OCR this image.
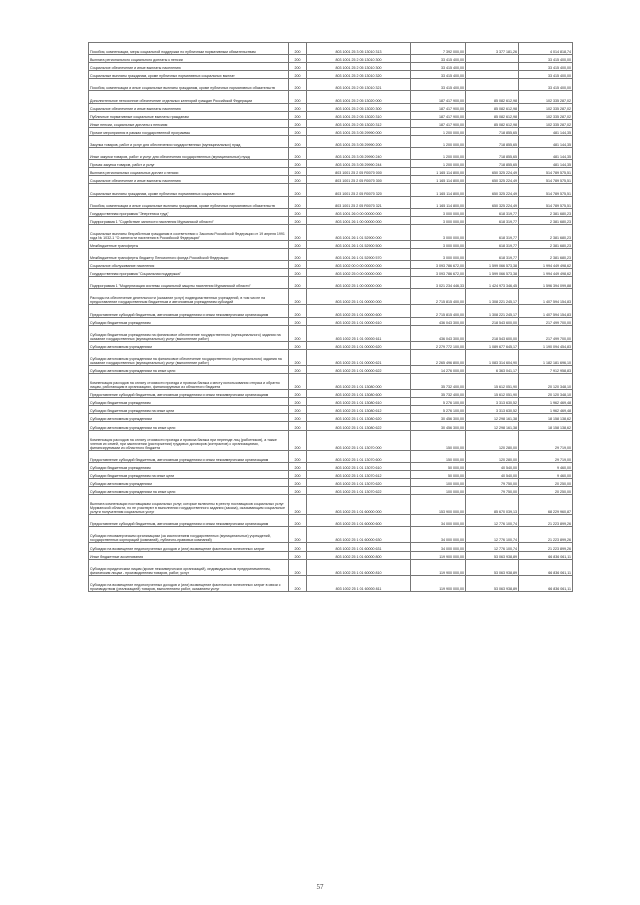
Пособия, компенсации, меры социальной поддержки по публичным нормативным обязательствам	200	803 1001 25 3 05 13010 313	7 392 000,00	3 377 181,26	4 014 818,74
Выплата регионального социального доплаты к пенсии	200	803 1001 25 2 05 13010 300	33 415 400,00		33 415 400,00
Социальное обеспечение и иные выплаты населению	200	803 1001 25 2 05 13010 300	33 415 400,00		33 415 400,00
Социальные выплаты гражданам, кроме публичных нормативных социальных выплат	200	803 1001 25 2 05 13010 320	33 415 400,00		33 415 400,00
Пособия, компенсации и иные социальные выплаты гражданам, кроме публичных нормативных обязательств	200	803 1001 25 2 05 13010 321	33 415 400,00		33 415 400,00
Дополнительное пенсионное обеспечение отдельных категорий граждан Российской Федерации	200	803 1001 25 2 05 13020 000	187 417 900,00	85 082 612,98	102 335 287,02
Социальное обеспечение и иные выплаты населению	200	803 1001 25 2 05 13020 300	187 417 900,00	85 082 612,98	102 335 287,02
Публичные нормативные социальные выплаты гражданам	200	803 1001 25 2 05 13020 310	187 417 900,00	85 082 612,98	102 335 287,02
Иные пенсии, социальные доплаты к пенсиям	200	803 1001 25 2 05 13020 312	187 417 900,00	85 082 612,98	102 335 287,02
Прочие мероприятия в рамках государственной программы	200	803 1001 25 3 05 29990 000	1 200 000,00	718 855,65	481 144,35
Закупка товаров, работ и услуг для обеспечения государственных (муниципальных) нужд	200	803 1001 25 3 05 29990 200	1 200 000,00	718 855,65	481 144,35
Иные закупки товаров, работ и услуг для обеспечения государственных (муниципальных) нужд	200	803 1001 25 3 05 29990 240	1 200 000,00	718 855,65	481 144,35
Прочая закупка товаров, работ и услуг	200	803 1001 25 3 05 29990 244	1 200 000,00	718 855,65	481 144,35
Выплата региональных социальных доплат к пенсии	200	803 1001 25 2 05 R0070 000	1 165 114 800,00	650 325 224,49	514 789 575,51
Социальное обеспечение и иные выплаты населению	200	803 1001 25 2 05 R0070 300	1 165 114 800,00	650 325 224,49	514 789 575,51
Социальные выплаты гражданам, кроме публичных нормативных социальных выплат	200	803 1001 25 2 05 R0070 320	1 165 114 800,00	650 325 224,49	514 789 575,51
Пособия, компенсации и иные социальные выплаты гражданам, кроме публичных нормативных обязательств	200	803 1001 25 2 05 R0070 321	1 165 114 800,00	650 325 224,49	514 789 575,51
Государственная программа "Энергетика труд"	200	803 1001 26 0 00 00000 000	3 000 000,00	618 319,77	2 381 680,23
Подпрограмма 1 "Содействие занятости населения Мурманской области"	200	803 1001 26 1 00 00000 000	3 000 000,00	618 319,77	2 381 680,23
Социальные выплаты безработным гражданам в соответствии с Законом Российской Федерации от 19 апреля 1991 года № 1032-1 "О занятости населения в Российской Федерации"	200	803 1001 26 1 01 52900 000	3 000 000,00	618 319,77	2 381 680,23
Межбюджетные трансферты	200	803 1001 26 1 01 52900 500	3 000 000,00	618 319,77	2 381 680,23
Межбюджетные трансферты бюджету Пенсионного фонда Российской Федерации	200	803 1001 26 1 01 52900 570	3 000 000,00	618 319,77	2 381 680,23
Социальное обслуживание населения	200	803 1002 00 0 00 00000 000	3 093 786 672,00	1 599 066 573,38	1 994 449 498,62
Государственная программа "Социальная поддержка"	200	803 1002 25 0 00 00000 000	3 093 786 672,00	1 599 066 573,38	1 994 449 498,62
Подпрограмма 1 "Модернизация системы социальной защиты населения Мурманской области"	200	803 1002 25 1 00 00000 000	3 021 234 446,33	1 424 973 346,45	1 596 394 099,88
Расходы на обеспечение деятельности (оказание услуг) подведомственных учреждений, в том числе на предоставление государственным бюджетным и автономным учреждениям субсидий	200	803 1002 25 1 01 00000 000	2 715 815 400,00	1 308 221 245,17	1 407 594 154,83
Предоставление субсидий бюджетным, автономным учреждениям и иным некоммерческим организациям	200	803 1002 25 1 01 00000 600	2 715 815 400,00	1 308 221 245,17	1 407 594 154,83
Субсидии бюджетным учреждениям	200	803 1002 25 1 01 00000 610	436 043 300,00	218 543 600,00	217 499 700,00
Субсидии бюджетным учреждениям на финансовое обеспечение государственного (муниципального) задания на оказание государственных (муниципальных) услуг (выполнение работ)	200	803 1002 25 1 01 00000 611	436 043 300,00	218 543 600,00	217 499 700,00
Субсидии автономным учреждениям	200	803 1002 25 1 01 00000 620	2 279 772 100,00	1 089 677 645,17	1 190 094 454,83
Субсидии автономным учреждениям на финансовое обеспечение государственного (муниципального) задания на оказание государственных (муниципальных) услуг (выполнение работ)	200	803 1002 25 1 01 00000 621	2 265 496 800,00	1 083 314 604,90	1 182 181 696,10
Субсидии автономным учреждениям на иные цели	200	803 1002 25 1 01 00000 622	14 276 000,00	6 363 041,17	7 912 958,83
Компенсация расходов на оплату стоимости проезда и провоза багажа к месту использования отпуска и обратно лицам, работающим в организациях, финансируемых из областного бюджета	200	803 1002 25 1 01 13080 000	35 732 400,00	15 612 051,90	20 120 348,10
Предоставление субсидий бюджетным, автономным учреждениям и иным некоммерческим организациям	200	803 1002 25 1 01 13080 600	35 732 400,00	15 612 051,90	20 120 348,10
Субсидии бюджетным учреждениям	200	803 1002 25 1 01 13080 610	5 276 100,00	3 313 630,52	1 962 469,48
Субсидии бюджетным учреждениям на иные цели	200	803 1002 25 1 01 13080 612	5 276 100,00	3 313 630,52	1 962 469,48
Субсидии автономным учреждениям	200	803 1002 25 1 01 13080 620	30 456 300,00	12 298 161,38	18 158 138,62
Субсидии автономным учреждениям на иные цели	200	803 1002 25 1 01 13080 622	30 456 300,00	12 298 161,38	18 158 138,62
Компенсация расходов на оплату стоимости проезда и провоза багажа при переезде лиц (работников), а также членов их семей, при заключении (расторжении) трудовых договоров (контрактов) с организациями, финансируемыми из областного бюджета	200	803 1002 25 1 01 13070 000	150 000,00	120 280,00	29 719,00
Предоставление субсидий бюджетным, автономным учреждениям и иным некоммерческим организациям	200	803 1002 25 1 01 13070 600	150 000,00	120 280,00	29 719,00
Субсидии бюджетным учреждениям	200	803 1002 25 1 01 13070 610	50 000,00	40 540,00	9 460,00
Субсидии бюджетным учреждениям на иные цели	200	803 1002 25 1 01 13070 612	50 000,00	40 540,00	9 460,00
Субсидии автономным учреждениям	200	803 1002 25 1 01 13070 620	100 000,00	79 750,00	20 250,00
Субсидии автономным учреждениям на иные цели	200	803 1002 25 1 01 13070 622	100 000,00	79 750,00	20 250,00
Выплата компенсации поставщикам социальных услуг, которые включены в реестр поставщиков социальных услуг Мурманской области, но не участвуют в выполнении государственного задания (заказа), оказывающим социальные услуги получателям социальных услуг	200	803 1002 25 1 01 60000 000	153 900 000,00	85 670 039,13	68 229 960,87
Предоставление субсидий бюджетным, автономным учреждениям и иным некоммерческим организациям	200	803 1002 25 1 01 60000 600	34 000 000,00	12 776 100,74	21 223 899,26
Субсидии некоммерческим организациям (за исключением государственных (муниципальных) учреждений, государственных корпораций (компаний), публично-правовых компаний)	200	803 1002 25 1 01 60000 630	34 000 000,00	12 776 100,74	21 223 899,26
Субсидии на возмещение недополученных доходов и (или) возмещение фактически понесенных затрат	200	803 1002 25 1 01 60000 631	34 000 000,00	12 776 100,74	21 223 899,26
Иные бюджетные ассигнования	200	803 1002 25 1 01 60000 800	119 900 000,00	53 063 938,89	66 836 061,11
Субсидии юридическим лицам (кроме некоммерческих организаций), индивидуальным предпринимателям, физическим лицам - производителям товаров, работ, услуг	200	803 1002 25 1 01 60000 810	119 900 000,00	53 063 938,89	66 836 061,11
Субсидии на возмещение недополученных доходов и (или) возмещение фактически понесенных затрат в связи с производством (реализацией) товаров, выполнением работ, оказанием услуг	200	803 1002 25 1 01 60000 811	119 900 000,00	53 063 938,89	66 836 061,11
57
